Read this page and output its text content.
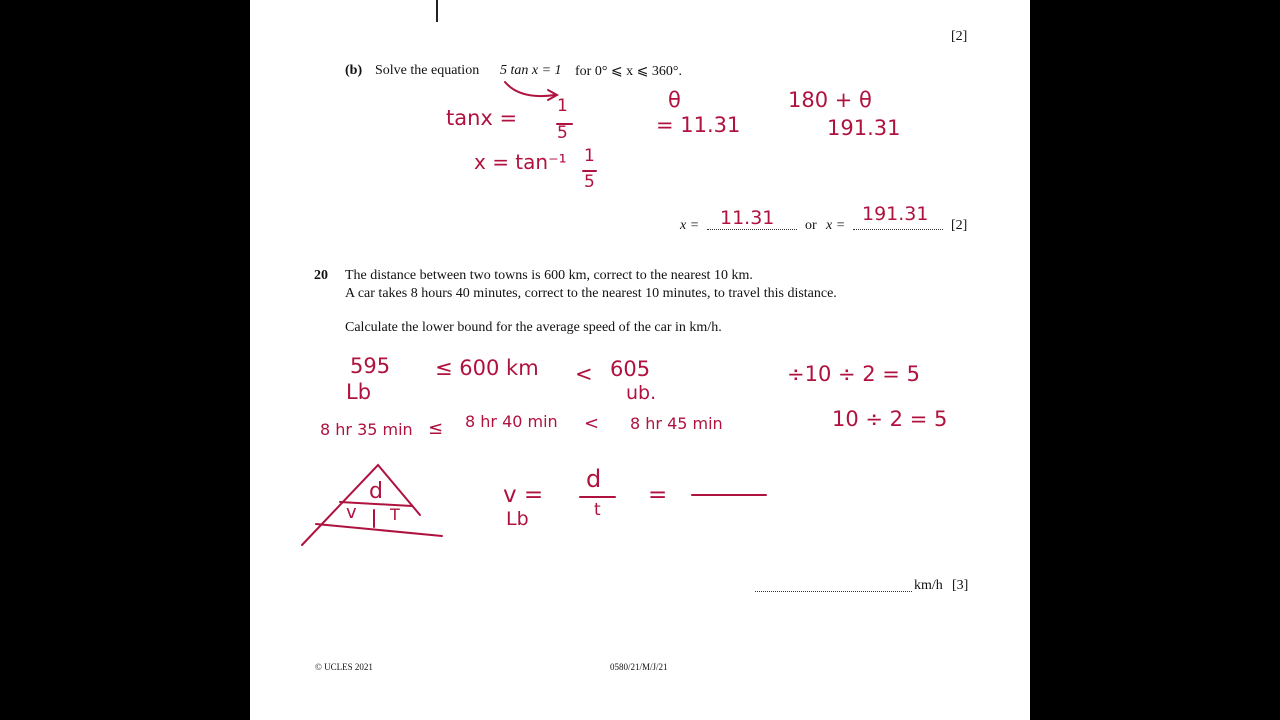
[2]
(b) Solve the equation 5 tan x = 1 for 0° ⩽ x ⩽ 360°.
x =	or x =	[2]
20 The distance between two towns is 600 km, correct to the nearest 10 km.
A car takes 8 hours 40 minutes, correct to the nearest 10 minutes, to travel this distance.
Calculate the lower bound for the average speed of the car in km/h.
km/h [3]
© UCLES 2021	0580/21/M/J/21
tanx = 1
5
x = tan⁻¹ 1
5
θ
= 11.31
180 + θ
191.31
11.31	191.31
595
Lb
≤ 600 km < 605
ub.
÷10 ÷ 2 = 5
10 ÷ 2 = 5
8 hr 35 min ≤ 8 hr 40 min < 8 hr 45 min
d
v T
v =
Lb
d
t
=
